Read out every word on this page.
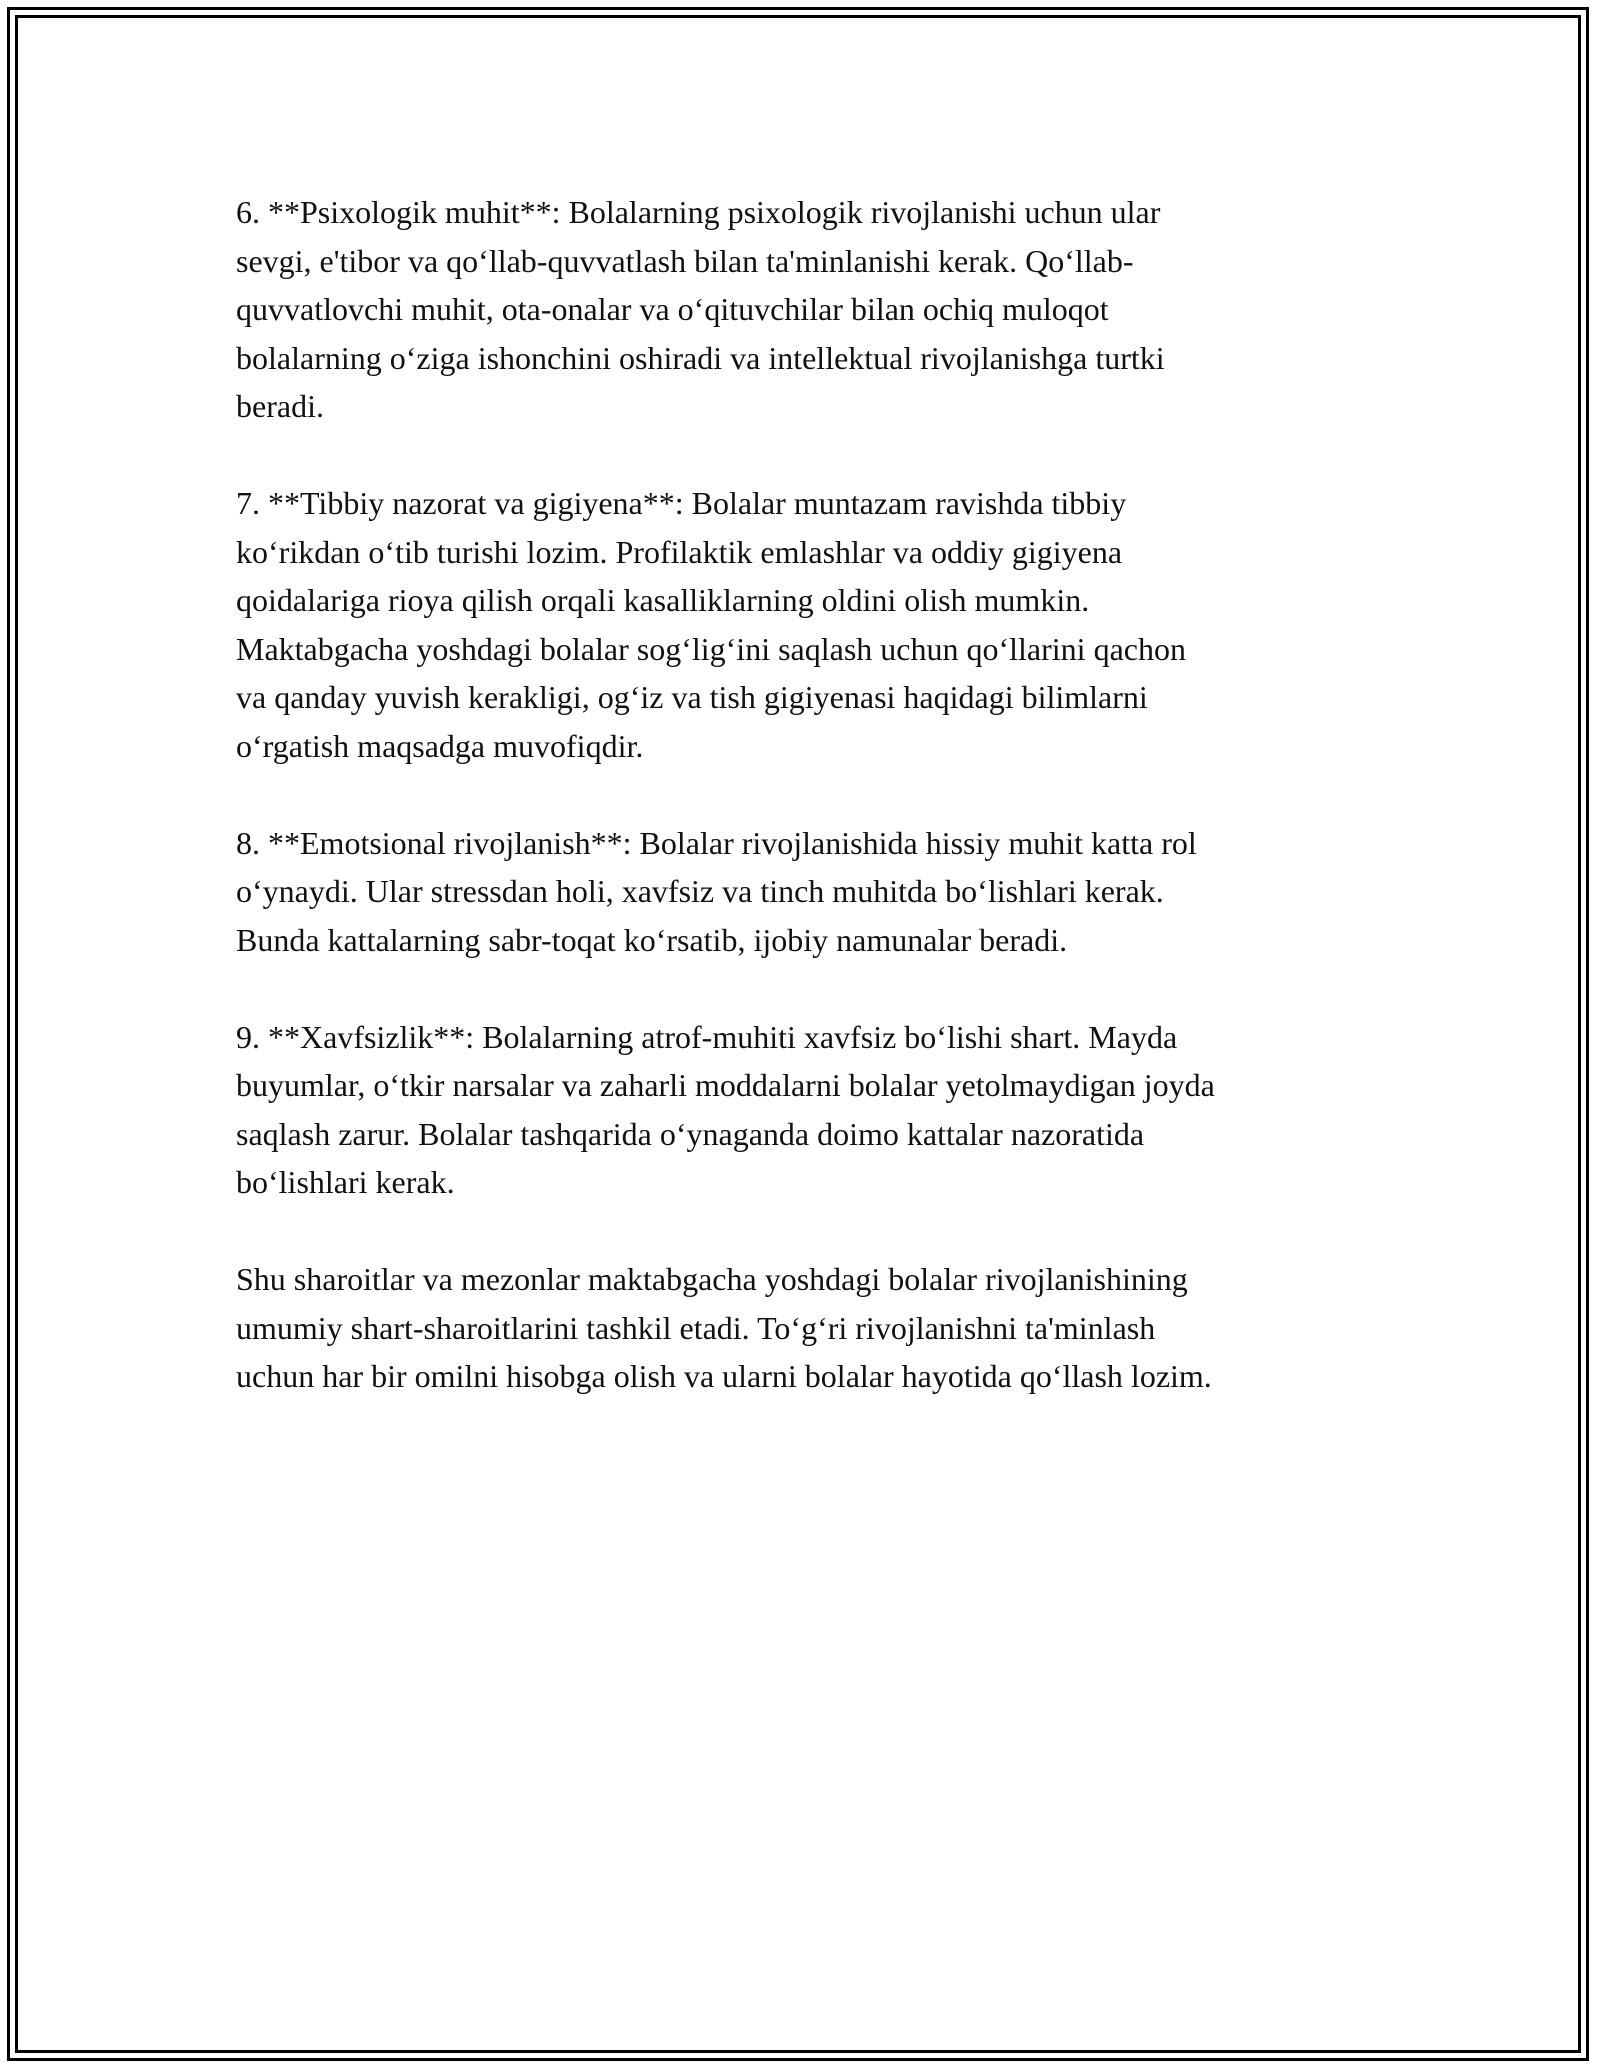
6. **Psixologik muhit**: Bolalarning psixologik rivojlanishi uchun ular
sevgi, e'tibor va qo‘llab-quvvatlash bilan ta'minlanishi kerak. Qo‘llab-
quvvatlovchi muhit, ota-onalar va o‘qituvchilar bilan ochiq muloqot
bolalarning o‘ziga ishonchini oshiradi va intellektual rivojlanishga turtki
beradi.

7. **Tibbiy nazorat va gigiyena**: Bolalar muntazam ravishda tibbiy
ko‘rikdan o‘tib turishi lozim. Profilaktik emlashlar va oddiy gigiyena
qoidalariga rioya qilish orqali kasalliklarning oldini olish mumkin.
Maktabgacha yoshdagi bolalar sog‘lig‘ini saqlash uchun qo‘llarini qachon
va qanday yuvish kerakligi, og‘iz va tish gigiyenasi haqidagi bilimlarni
o‘rgatish maqsadga muvofiqdir.

8. **Emotsional rivojlanish**: Bolalar rivojlanishida hissiy muhit katta rol
o‘ynaydi. Ular stressdan holi, xavfsiz va tinch muhitda bo‘lishlari kerak.
Bunda kattalarning sabr-toqat ko‘rsatib, ijobiy namunalar beradi.

9. **Xavfsizlik**: Bolalarning atrof-muhiti xavfsiz bo‘lishi shart. Mayda
buyumlar, o‘tkir narsalar va zaharli moddalarni bolalar yetolmaydigan joyda
saqlash zarur. Bolalar tashqarida o‘ynaganda doimo kattalar nazoratida
bo‘lishlari kerak.

Shu sharoitlar va mezonlar maktabgacha yoshdagi bolalar rivojlanishining
umumiy shart-sharoitlarini tashkil etadi. To‘g‘ri rivojlanishni ta'minlash
uchun har bir omilni hisobga olish va ularni bolalar hayotida qo‘llash lozim.
